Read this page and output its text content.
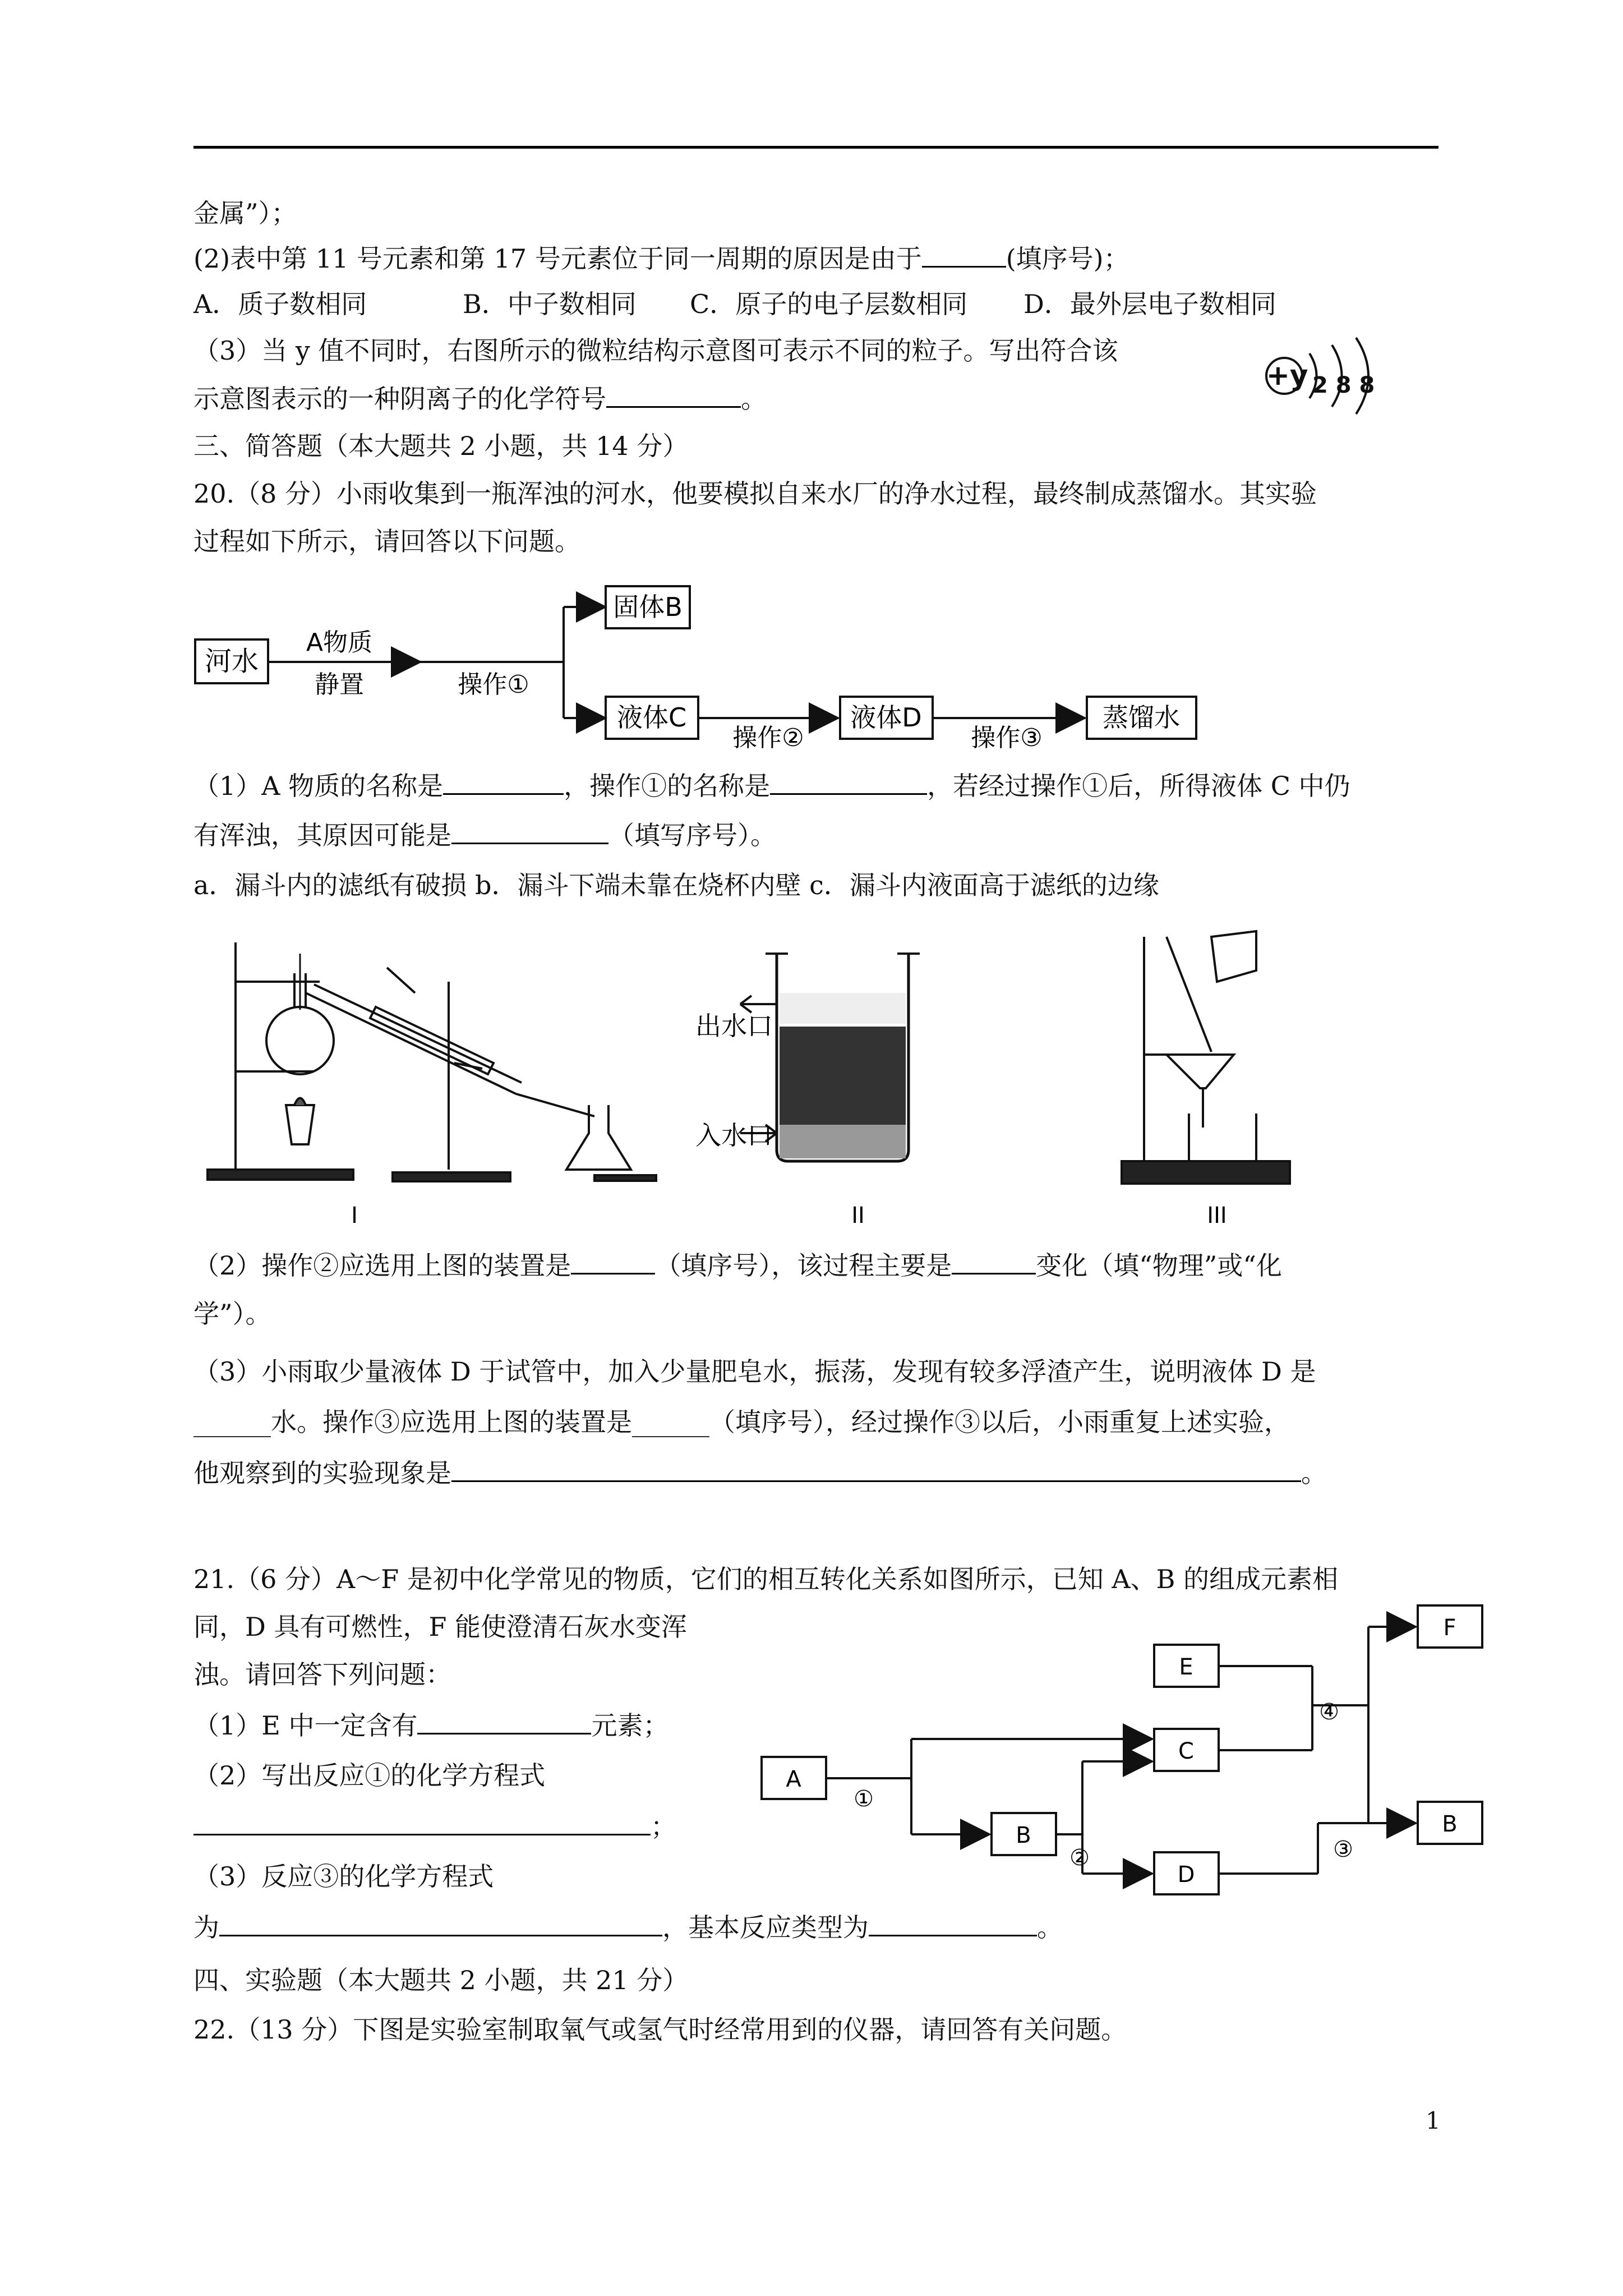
金属”）；
(2)表中第 11 号元素和第 17 号元素位于同一周期的原因是由于	(填序号)；
A．质子数相同	B．中子数相同 C．原子的电子层数相同 D．最外层电子数相同
（3）当 y 值不同时，右图所示的微粒结构示意图可表示不同的粒子。写出符合该
示意图表示的一种阴离子的化学符号	。
+y 2 8 8
三、简答题（本大题共 2 小题，共 14 分）
20.（8 分）小雨收集到一瓶浑浊的河水，他要模拟自来水厂的净水过程，最终制成蒸馏水。其实验
过程如下所示，请回答以下问题。
河水
A物质
静置	操作①
固体B
液体C
操作②
液体D
操作③
蒸馏水
（1）A 物质的名称是	，操作①的名称是	，若经过操作①后，所得液体 C 中仍
有浑浊，其原因可能是	（填写序号）。
a．漏斗内的滤纸有破损 b．漏斗下端未靠在烧杯内壁 c．漏斗内液面高于滤纸的边缘
出水口
入水口
I	II	III
（2）操作②应选用上图的装置是	（填序号），该过程主要是	变化（填“物理”或“化
学”）。
（3）小雨取少量液体 D 于试管中，加入少量肥皂水，振荡，发现有较多浮渣产生，说明液体 D 是
______水。操作③应选用上图的装置是______（填序号），经过操作③以后，小雨重复上述实验，
他观察到的实验现象是	。
21.（6 分）A～F 是初中化学常见的物质，它们的相互转化关系如图所示，已知 A、B 的组成元素相
同，D 具有可燃性，F 能使澄清石灰水变浑
浊。请回答下列问题：
（1）E 中一定含有	元素；
（2）写出反应①的化学方程式
；
（3）反应③的化学方程式
为	，基本反应类型为	。
A
①
B
②
E
C
D
④
③
F
B
四、实验题（本大题共 2 小题，共 21 分）
22.（13 分）下图是实验室制取氧气或氢气时经常用到的仪器，请回答有关问题。
1
